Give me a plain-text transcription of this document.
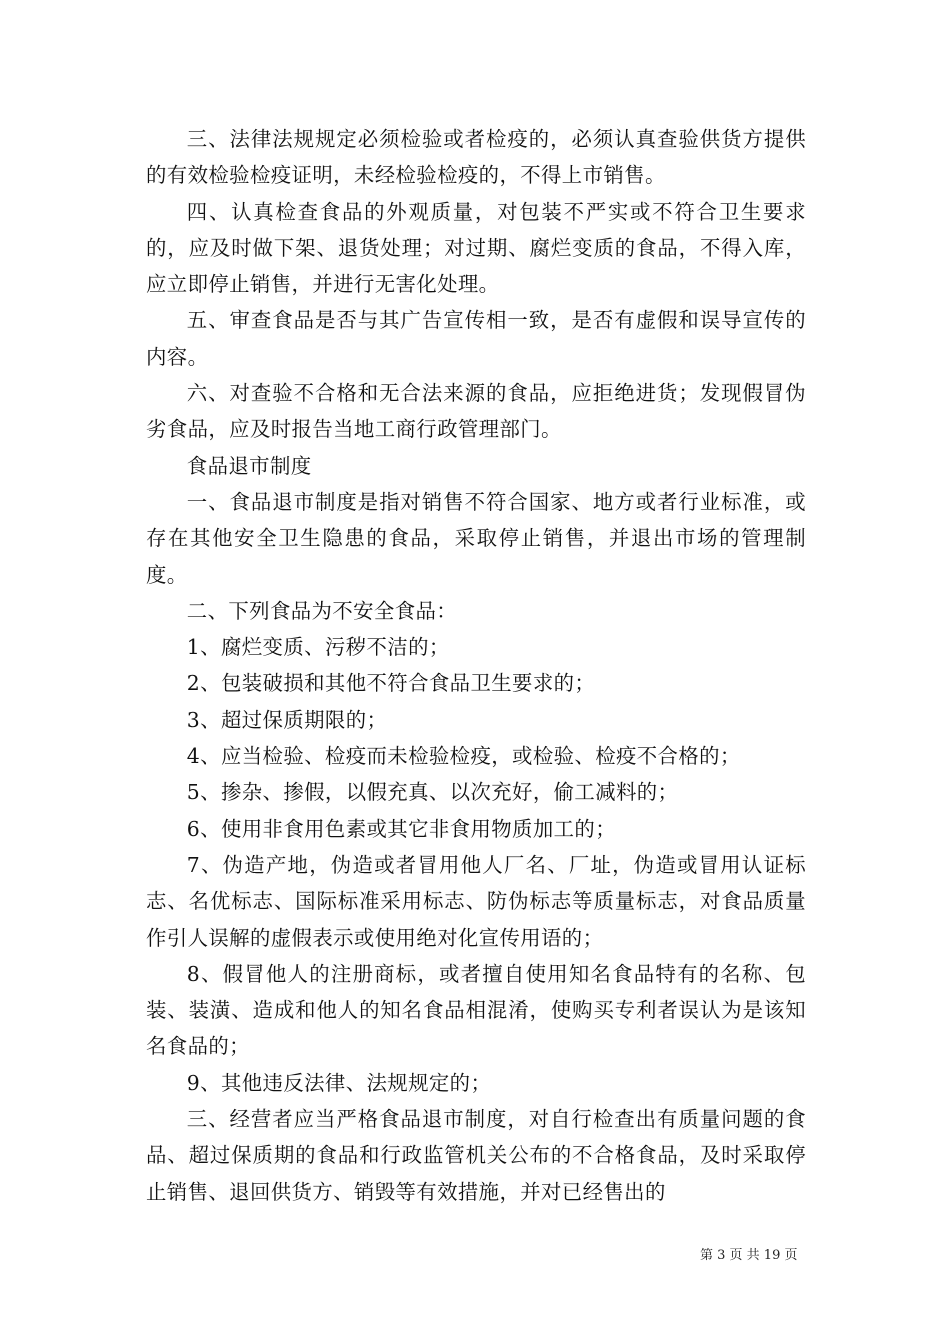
三、法律法规规定必须检验或者检疫的，必须认真查验供货方提供的有效检验检疫证明，未经检验检疫的，不得上市销售。

四、认真检查食品的外观质量，对包装不严实或不符合卫生要求的，应及时做下架、退货处理；对过期、腐烂变质的食品，不得入库，应立即停止销售，并进行无害化处理。

五、审查食品是否与其广告宣传相一致，是否有虚假和误导宣传的内容。

六、对查验不合格和无合法来源的食品，应拒绝进货；发现假冒伪劣食品，应及时报告当地工商行政管理部门。

食品退市制度

一、食品退市制度是指对销售不符合国家、地方或者行业标准，或存在其他安全卫生隐患的食品，采取停止销售，并退出市场的管理制度。

二、下列食品为不安全食品：

1、腐烂变质、污秽不洁的；

2、包装破损和其他不符合食品卫生要求的；

3、超过保质期限的；

4、应当检验、检疫而未检验检疫，或检验、检疫不合格的；

5、掺杂、掺假，以假充真、以次充好，偷工减料的；

6、使用非食用色素或其它非食用物质加工的；

7、伪造产地，伪造或者冒用他人厂名、厂址，伪造或冒用认证标志、名优标志、国际标准采用标志、防伪标志等质量标志，对食品质量作引人误解的虚假表示或使用绝对化宣传用语的；

8、假冒他人的注册商标，或者擅自使用知名食品特有的名称、包装、装潢、造成和他人的知名食品相混淆，使购买专利者误认为是该知名食品的；

9、其他违反法律、法规规定的；

三、经营者应当严格食品退市制度，对自行检查出有质量问题的食品、超过保质期的食品和行政监管机关公布的不合格食品，及时采取停止销售、退回供货方、销毁等有效措施，并对已经售出的

第 3 页 共 19 页
